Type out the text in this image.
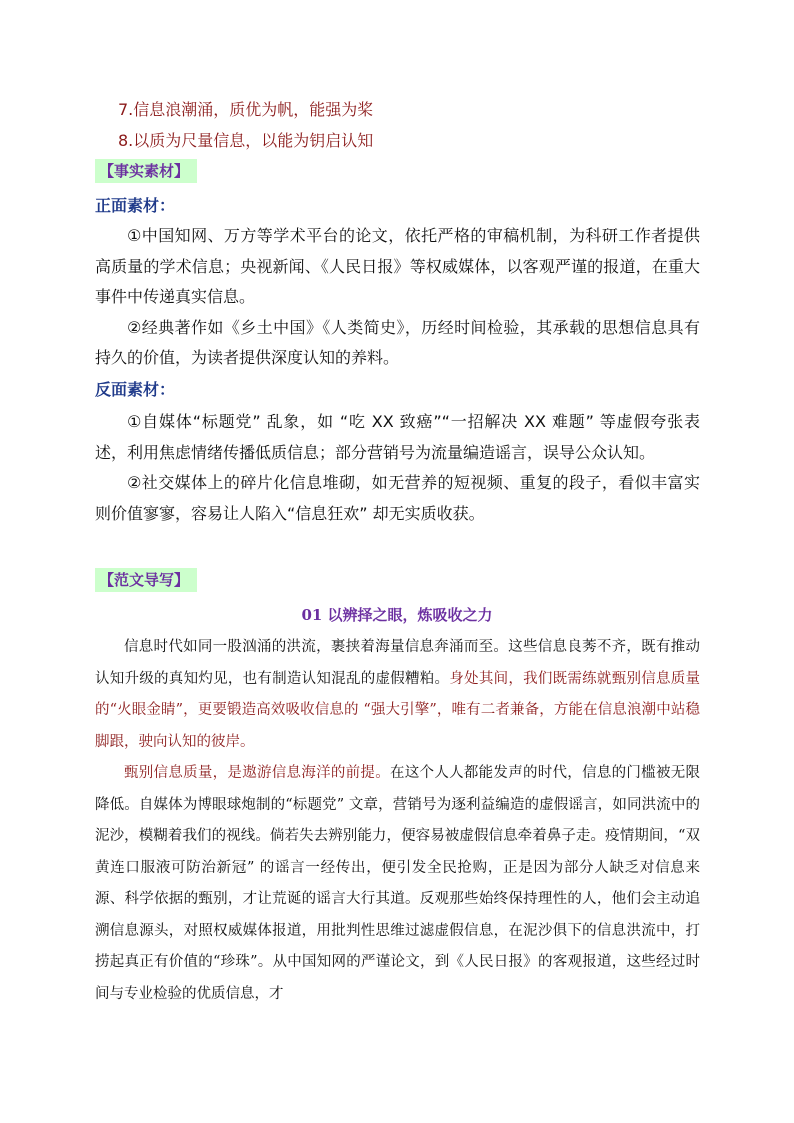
7.信息浪潮涌，质优为帆，能强为桨
8.以质为尺量信息，以能为钥启认知
【事实素材】
正面素材：

①中国知网、万方等学术平台的论文，依托严格的审稿机制，为科研工作者提供高质量的学术信息；央视新闻、《人民日报》等权威媒体，以客观严谨的报道，在重大事件中传递真实信息。

②经典著作如《乡土中国》《人类简史》，历经时间检验，其承载的思想信息具有持久的价值，为读者提供深度认知的养料。

反面素材：

①自媒体“标题党” 乱象，如 “吃 XX 致癌”“一招解决 XX 难题” 等虚假夸张表述，利用焦虑情绪传播低质信息；部分营销号为流量编造谣言，误导公众认知。

②社交媒体上的碎片化信息堆砌，如无营养的短视频、重复的段子，看似丰富实则价值寥寥，容易让人陷入“信息狂欢” 却无实质收获。

【范文导写】
01 以辨择之眼，炼吸收之力

信息时代如同一股汹涌的洪流，裹挟着海量信息奔涌而至。这些信息良莠不齐，既有推动认知升级的真知灼见，也有制造认知混乱的虚假糟粕。身处其间，我们既需练就甄别信息质量的“火眼金睛”，更要锻造高效吸收信息的 “强大引擎”，唯有二者兼备，方能在信息浪潮中站稳脚跟，驶向认知的彼岸。

甄别信息质量，是遨游信息海洋的前提。在这个人人都能发声的时代，信息的门槛被无限降低。自媒体为博眼球炮制的“标题党” 文章，营销号为逐利益编造的虚假谣言，如同洪流中的泥沙，模糊着我们的视线。倘若失去辨别能力，便容易被虚假信息牵着鼻子走。疫情期间，“双黄连口服液可防治新冠” 的谣言一经传出，便引发全民抢购，正是因为部分人缺乏对信息来源、科学依据的甄别，才让荒诞的谣言大行其道。反观那些始终保持理性的人，他们会主动追溯信息源头，对照权威媒体报道，用批判性思维过滤虚假信息，在泥沙俱下的信息洪流中，打捞起真正有价值的“珍珠”。从中国知网的严谨论文，到《人民日报》的客观报道，这些经过时间与专业检验的优质信息，才
